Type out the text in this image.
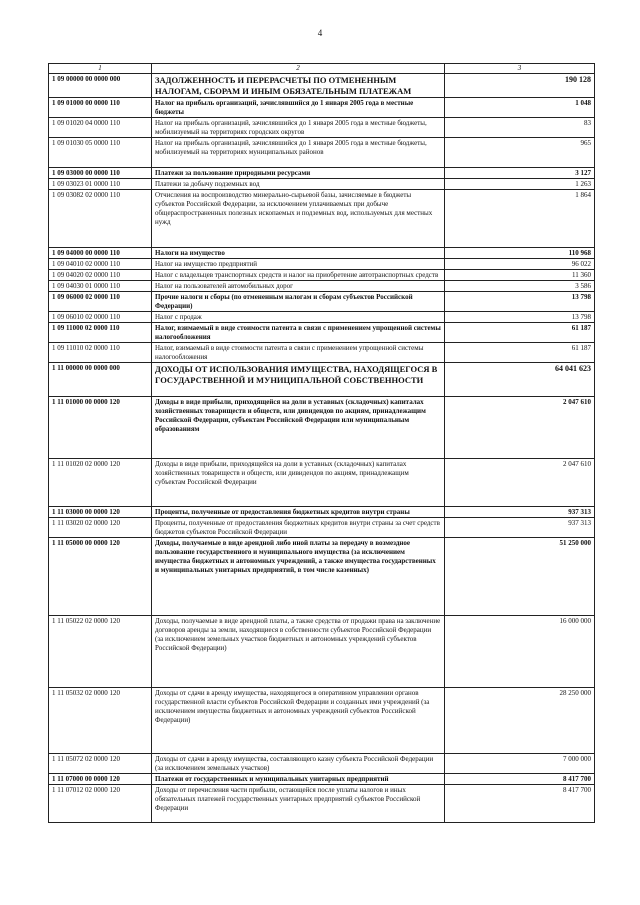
4
1	2	3
1 09 00000 00 0000 000	ЗАДОЛЖЕННОСТЬ И ПЕРЕРАСЧЕТЫ ПО ОТМЕНЕННЫМ НАЛОГАМ, СБОРАМ И ИНЫМ ОБЯЗАТЕЛЬНЫМ ПЛАТЕЖАМ	190 128
1 09 01000 00 0000 110	Налог на прибыль организаций, зачислявшийся до 1 января 2005 года в местные бюджеты	1 048
1 09 01020 04 0000 110	Налог на прибыль организаций, зачислявшийся до 1 января 2005 года в местные бюджеты, мобилизуемый на территориях городских округов	83
1 09 01030 05 0000 110	Налог на прибыль организаций, зачислявшийся до 1 января 2005 года в местные бюджеты, мобилизуемый на территориях муниципальных районов	965
1 09 03000 00 0000 110	Платежи за пользование природными ресурсами	3 127
1 09 03023 01 0000 110	Платежи за добычу подземных вод	1 263
1 09 03082 02 0000 110	Отчисления на воспроизводство минерально-сырьевой базы, зачисляемые в бюджеты субъектов Российской Федерации, за исключением уплачиваемых при добыче общераспространенных полезных ископаемых и подземных вод, используемых для местных нужд	1 864
1 09 04000 00 0000 110	Налоги на имущество	110 968
1 09 04010 02 0000 110	Налог на имущество предприятий	96 022
1 09 04020 02 0000 110	Налог с владельцев транспортных средств и налог на приобретение автотранспортных средств	11 360
1 09 04030 01 0000 110	Налог на пользователей автомобильных дорог	3 586
1 09 06000 02 0000 110	Прочие налоги и сборы (по отмененным налогам и сборам субъектов Российской Федерации)	13 798
1 09 06010 02 0000 110	Налог с продаж	13 798
1 09 11000 02 0000 110	Налог, взимаемый в виде стоимости патента в связи с применением упрощенной системы налогообложения	61 187
1 09 11010 02 0000 110	Налог, взимаемый в виде стоимости патента в связи с применением упрощенной системы налогообложения	61 187
1 11 00000 00 0000 000	ДОХОДЫ ОТ ИСПОЛЬЗОВАНИЯ ИМУЩЕСТВА, НАХОДЯЩЕГОСЯ В ГОСУДАРСТВЕННОЙ И МУНИЦИПАЛЬНОЙ СОБСТВЕННОСТИ	64 041 623
1 11 01000 00 0000 120	Доходы в виде прибыли, приходящейся на доли в уставных (складочных) капиталах хозяйственных товариществ и обществ, или дивидендов по акциям, принадлежащим Российской Федерации, субъектам Российской Федерации или муниципальным образованиям	2 047 610
1 11 01020 02 0000 120	Доходы в виде прибыли, приходящейся на доли в уставных (складочных) капиталах хозяйственных товариществ и обществ, или дивидендов по акциям, принадлежащим субъектам Российской Федерации	2 047 610
1 11 03000 00 0000 120	Проценты, полученные от предоставления бюджетных кредитов внутри страны	937 313
1 11 03020 02 0000 120	Проценты, полученные от предоставления бюджетных кредитов внутри страны за счет средств бюджетов субъектов Российской Федерации	937 313
1 11 05000 00 0000 120	Доходы, получаемые в виде арендной либо иной платы за передачу в возмездное пользование государственного и муниципального имущества (за исключением имущества бюджетных и автономных учреждений, а также имущества государственных и муниципальных унитарных предприятий, в том числе казенных)	51 250 000
1 11 05022 02 0000 120	Доходы, получаемые в виде арендной платы, а также средства от продажи права на заключение договоров аренды за земли, находящиеся в собственности субъектов Российской Федерации (за исключением земельных участков бюджетных и автономных учреждений субъектов Российской Федерации)	16 000 000
1 11 05032 02 0000 120	Доходы от сдачи в аренду имущества, находящегося в оперативном управлении органов государственной власти субъектов Российской Федерации и созданных ими учреждений (за исключением имущества бюджетных и автономных учреждений субъектов Российской Федерации)	28 250 000
1 11 05072 02 0000 120	Доходы от сдачи в аренду имущества, составляющего казну субъекта Российской Федерации (за исключением земельных участков)	7 000 000
1 11 07000 00 0000 120	Платежи от государственных и муниципальных унитарных предприятий	8 417 700
1 11 07012 02 0000 120	Доходы от перечисления части прибыли, остающейся после уплаты налогов и иных обязательных платежей государственных унитарных предприятий субъектов Российской Федерации	8 417 700
